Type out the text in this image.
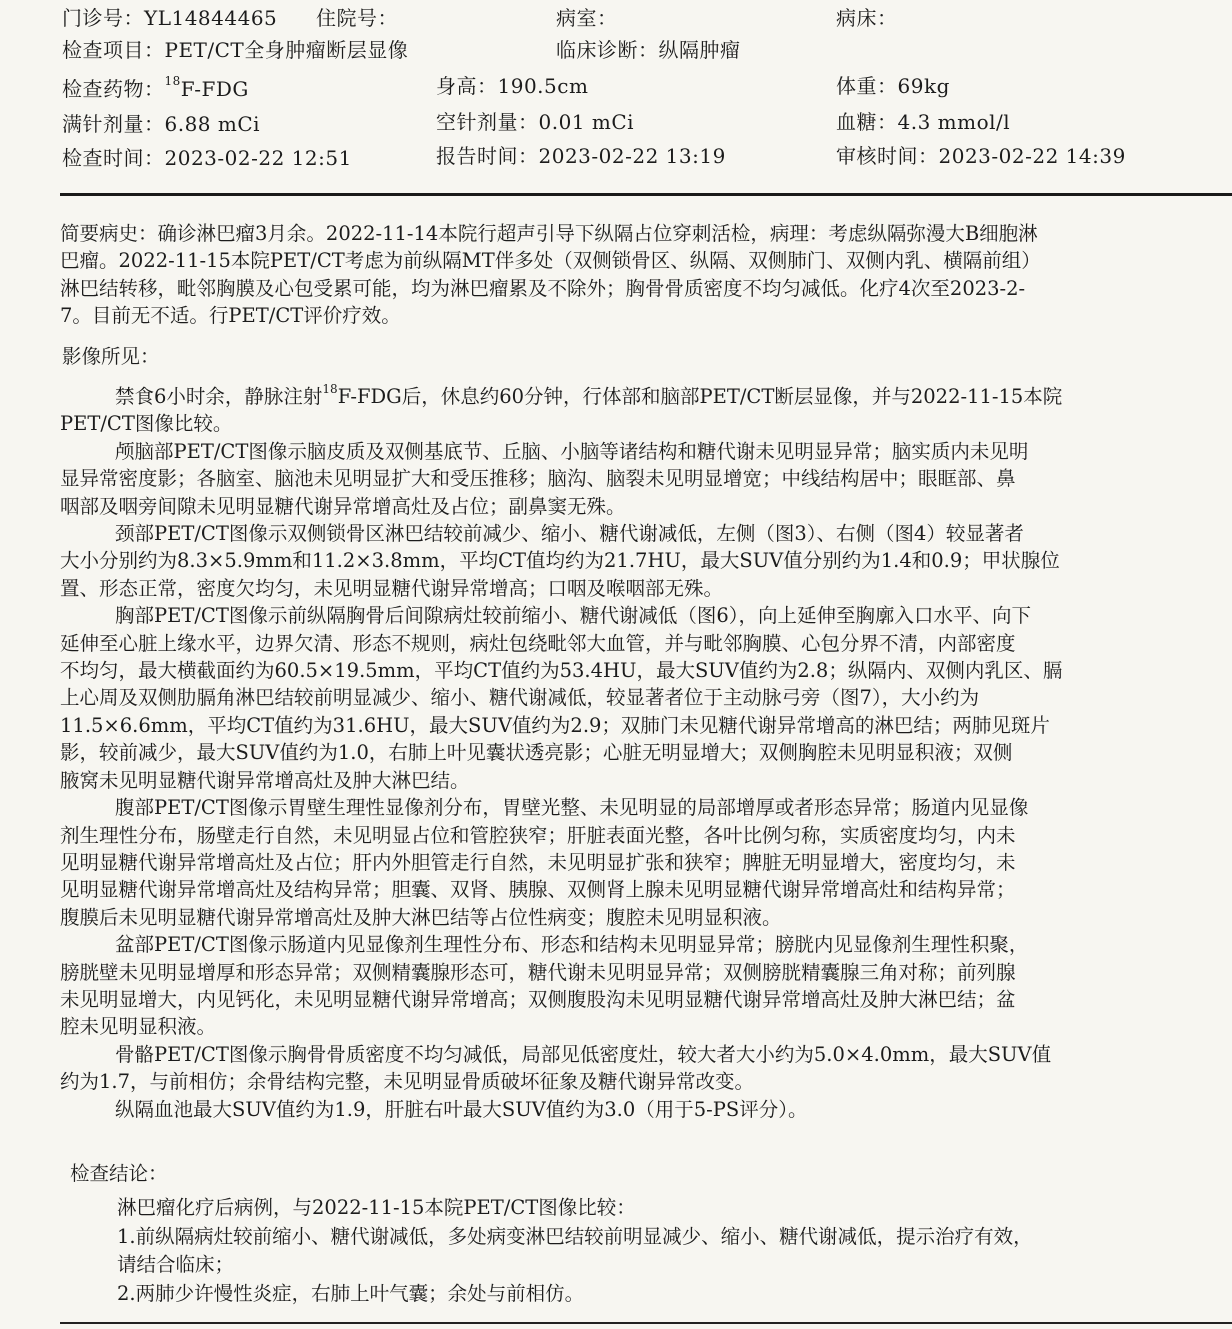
门诊号：YL14844465 住院号：	病室：	病床：
检查项目：PET/CT全身肿瘤断层显像	临床诊断：纵隔肿瘤
检查药物：$^{18}$F-FDG	身高：190.5cm	体重：69kg
满针剂量：6.88 mCi	空针剂量：0.01 mCi	血糖：4.3 mmol/l
检查时间：2023-02-22 12:51	报告时间：2023-02-22 13:19	审核时间：2023-02-22 14:39

简要病史：确诊淋巴瘤3月余。2022-11-14本院行超声引导下纵隔占位穿刺活检，病理：考虑纵隔弥漫大B细胞淋

巴瘤。2022-11-15本院PET/CT考虑为前纵隔MT伴多处（双侧锁骨区、纵隔、双侧肺门、双侧内乳、横隔前组）

淋巴结转移，毗邻胸膜及心包受累可能，均为淋巴瘤累及不除外；胸骨骨质密度不均匀减低。化疗4次至2023-2-

7。目前无不适。行PET/CT评价疗效。

影像所见：

禁食6小时余，静脉注射$^{18}$F-FDG后，休息约60分钟，行体部和脑部PET/CT断层显像，并与2022-11-15本院

PET/CT图像比较。

颅脑部PET/CT图像示脑皮质及双侧基底节、丘脑、小脑等诸结构和糖代谢未见明显异常；脑实质内未见明

显异常密度影；各脑室、脑池未见明显扩大和受压推移；脑沟、脑裂未见明显增宽；中线结构居中；眼眶部、鼻

咽部及咽旁间隙未见明显糖代谢异常增高灶及占位；副鼻窦无殊。

颈部PET/CT图像示双侧锁骨区淋巴结较前减少、缩小、糖代谢减低，左侧（图3）、右侧（图4）较显著者

大小分别约为8.3×5.9mm和11.2×3.8mm，平均CT值均约为21.7HU，最大SUV值分别约为1.4和0.9；甲状腺位

置、形态正常，密度欠均匀，未见明显糖代谢异常增高；口咽及喉咽部无殊。

胸部PET/CT图像示前纵隔胸骨后间隙病灶较前缩小、糖代谢减低（图6），向上延伸至胸廓入口水平、向下

延伸至心脏上缘水平，边界欠清、形态不规则，病灶包绕毗邻大血管，并与毗邻胸膜、心包分界不清，内部密度

不均匀，最大横截面约为60.5×19.5mm，平均CT值约为53.4HU，最大SUV值约为2.8；纵隔内、双侧内乳区、膈

上心周及双侧肋膈角淋巴结较前明显减少、缩小、糖代谢减低，较显著者位于主动脉弓旁（图7），大小约为

11.5×6.6mm，平均CT值约为31.6HU，最大SUV值约为2.9；双肺门未见糖代谢异常增高的淋巴结；两肺见斑片

影，较前减少，最大SUV值约为1.0，右肺上叶见囊状透亮影；心脏无明显增大；双侧胸腔未见明显积液；双侧

腋窝未见明显糖代谢异常增高灶及肿大淋巴结。

腹部PET/CT图像示胃壁生理性显像剂分布，胃壁光整、未见明显的局部增厚或者形态异常；肠道内见显像

剂生理性分布，肠壁走行自然，未见明显占位和管腔狭窄；肝脏表面光整，各叶比例匀称，实质密度均匀，内未

见明显糖代谢异常增高灶及占位；肝内外胆管走行自然，未见明显扩张和狭窄；脾脏无明显增大，密度均匀，未

见明显糖代谢异常增高灶及结构异常；胆囊、双肾、胰腺、双侧肾上腺未见明显糖代谢异常增高灶和结构异常；

腹膜后未见明显糖代谢异常增高灶及肿大淋巴结等占位性病变；腹腔未见明显积液。

盆部PET/CT图像示肠道内见显像剂生理性分布、形态和结构未见明显异常；膀胱内见显像剂生理性积聚，

膀胱壁未见明显增厚和形态异常；双侧精囊腺形态可，糖代谢未见明显异常；双侧膀胱精囊腺三角对称；前列腺

未见明显增大，内见钙化，未见明显糖代谢异常增高；双侧腹股沟未见明显糖代谢异常增高灶及肿大淋巴结；盆

腔未见明显积液。

骨骼PET/CT图像示胸骨骨质密度不均匀减低，局部见低密度灶，较大者大小约为5.0×4.0mm，最大SUV值

约为1.7，与前相仿；余骨结构完整，未见明显骨质破坏征象及糖代谢异常改变。

纵隔血池最大SUV值约为1.9，肝脏右叶最大SUV值约为3.0（用于5-PS评分）。

检查结论：

淋巴瘤化疗后病例，与2022-11-15本院PET/CT图像比较：

1.前纵隔病灶较前缩小、糖代谢减低，多处病变淋巴结较前明显减少、缩小、糖代谢减低，提示治疗有效，

请结合临床；

2.两肺少许慢性炎症，右肺上叶气囊；余处与前相仿。
